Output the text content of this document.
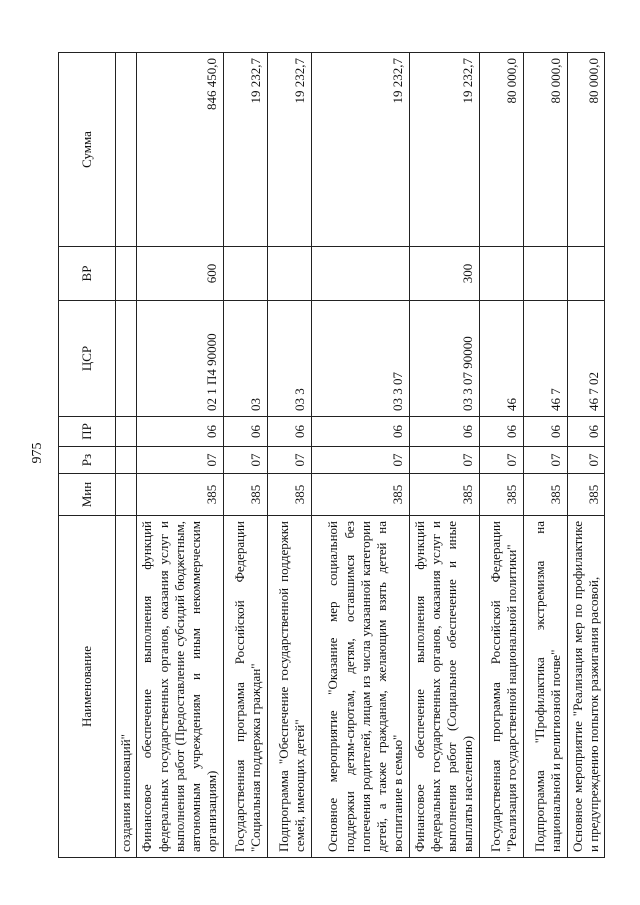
975
Наименование	Мин	Рз	ПР	ЦСР	ВР	Сумма
создания инноваций"						
Финансовое обеспечение выполнения функций федеральных государственных органов, оказания услуг и выполнения работ (Предоставление субсидий бюджетным, автономным учреждениям и иным некоммерческим организациям)	385	07	06	02 1 П4 90000	600	846 450,0
Государственная программа Российской Федерации "Социальная поддержка граждан"	385	07	06	03		19 232,7
Подпрограмма "Обеспечение государственной поддержки семей, имеющих детей"	385	07	06	03 3		19 232,7
Основное мероприятие "Оказание мер социальной поддержки детям-сиротам, детям, оставшимся без попечения родителей, лицам из числа указанной категории детей, а также гражданам, желающим взять детей на воспитание в семью"	385	07	06	03 3 07		19 232,7
Финансовое обеспечение выполнения функций федеральных государственных органов, оказания услуг и выполнения работ (Социальное обеспечение и иные выплаты населению)	385	07	06	03 3 07 90000	300	19 232,7
Государственная программа Российской Федерации "Реализация государственной национальной политики"	385	07	06	46		80 000,0
Подпрограмма "Профилактика экстремизма на национальной и религиозной почве"	385	07	06	46 7		80 000,0
Основное мероприятие "Реализация мер по профилактике и предупреждению попыток разжигания расовой,	385	07	06	46 7 02		80 000,0
